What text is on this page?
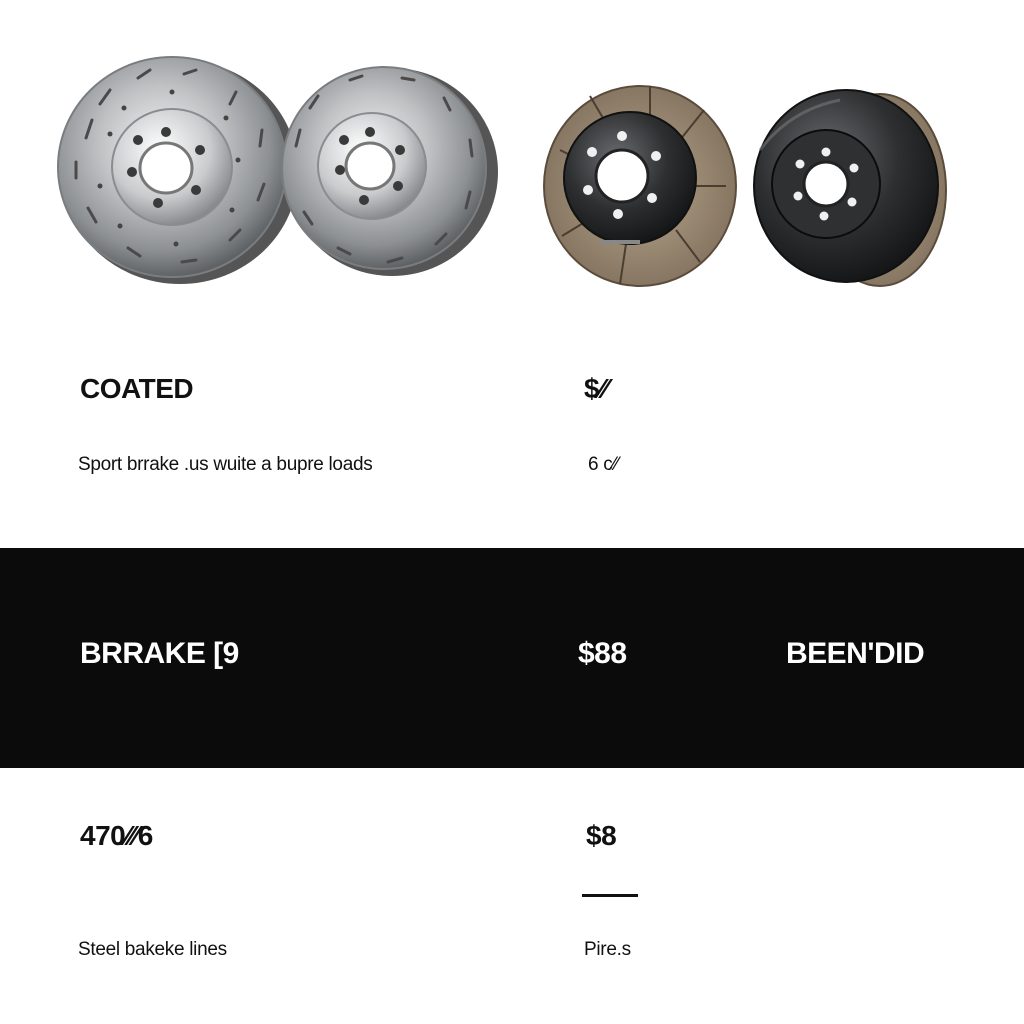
COATED	$⁄⁄
Sport brrake .us wuite a bupre loads	6 c⁄⁄
BRRAKE [9	$88	BEEN'DID
470⁄⁄⁄6	$8
Steel bakeke lines	Pire.s
